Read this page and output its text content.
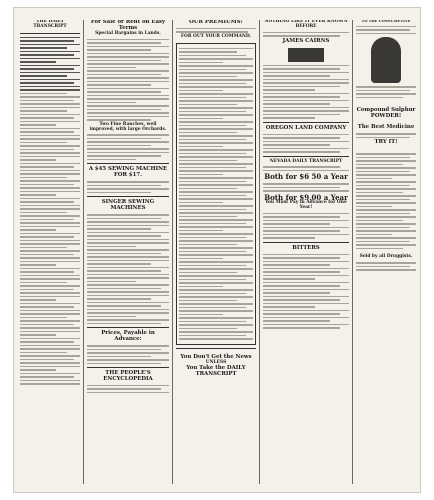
THE DAILY TRANSCRIPT
For Sale or Rent on Easy Terms
Special Bargains in Lands.
Two Fine Ranches, well improved, with large Orchards.
A $45 SEWING MACHINE FOR $17.
SINGER SEWING MACHINES
Prices, Payable in Advance:
THE PEOPLE'S ENCYCLOPEDIA
OUR PREMIUMS!
FOR OUT YOUR COMMAND.
You Don't Get the News
UNLESS
You Take the DAILY TRANSCRIPT
NOTHING LIKE IT EVER KNOWN BEFORE
JAMES CAIRNS
OREGON LAND COMPANY
NEVADA DAILY TRANSCRIPT
Both for $6 50 a Year
Both for $9.00 a Year
You Must Pay in Advance for One Year!
BITTERS
TO THE CONSUMPTIVE
Compound Sulphur
POWDER!
The Best Medicine
TRY IT!
Sold by all Druggists.
